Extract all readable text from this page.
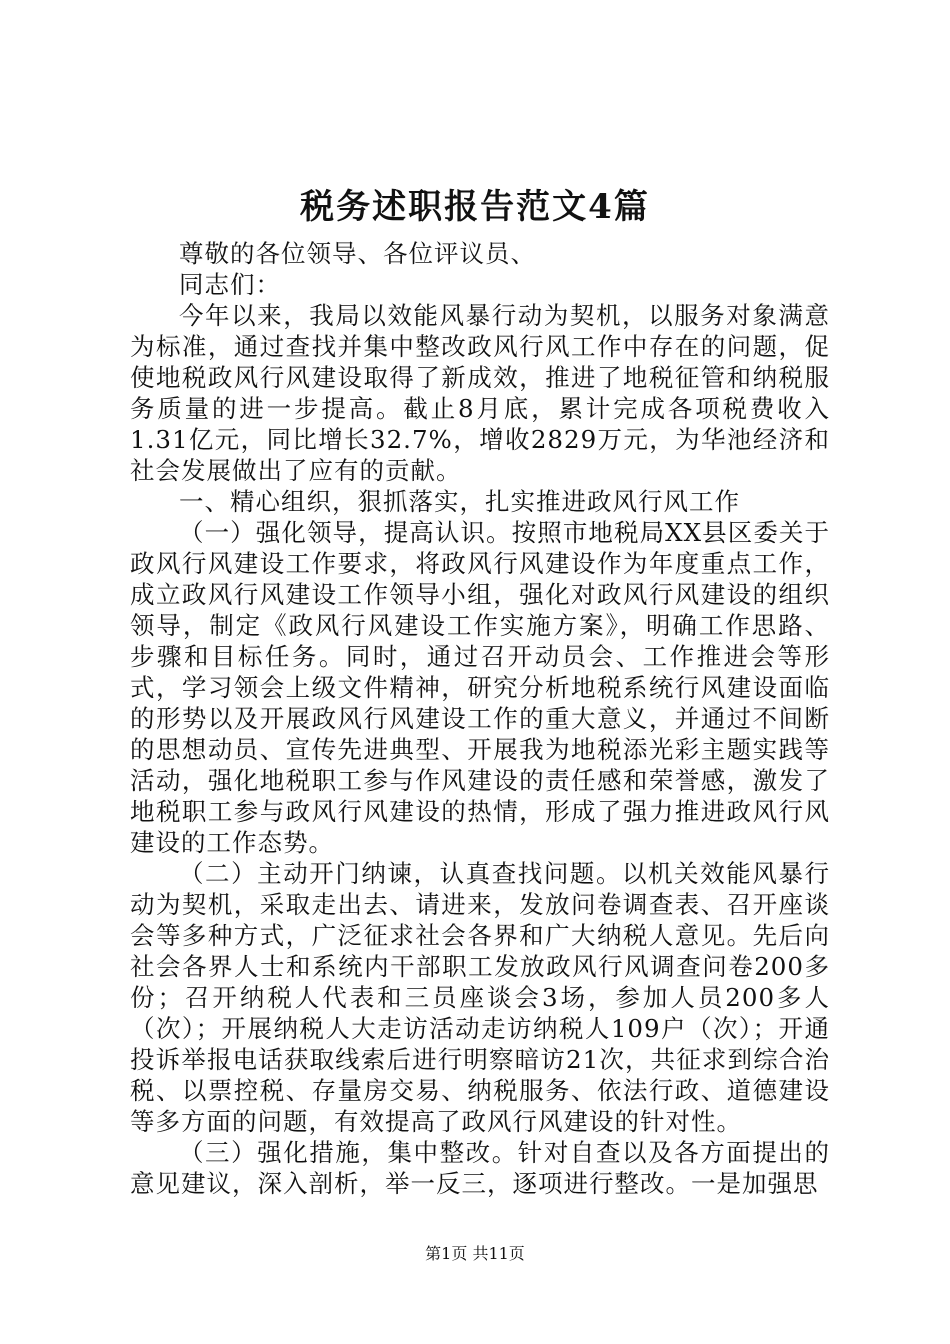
税务述职报告范文4篇

尊敬的各位领导、各位评议员、

同志们：

今年以来，我局以效能风暴行动为契机，以服务对象满意为标准，通过查找并集中整改政风行风工作中存在的问题，促使地税政风行风建设取得了新成效，推进了地税征管和纳税服务质量的进一步提高。截止8月底，累计完成各项税费收入1.31亿元，同比增长32.7%，增收2829万元，为华池经济和社会发展做出了应有的贡献。

一、精心组织，狠抓落实，扎实推进政风行风工作

（一）强化领导，提高认识。按照市地税局XX县区委关于政风行风建设工作要求，将政风行风建设作为年度重点工作，成立政风行风建设工作领导小组，强化对政风行风建设的组织领导，制定《政风行风建设工作实施方案》，明确工作思路、步骤和目标任务。同时，通过召开动员会、工作推进会等形式，学习领会上级文件精神，研究分析地税系统行风建设面临的形势以及开展政风行风建设工作的重大意义，并通过不间断的思想动员、宣传先进典型、开展我为地税添光彩主题实践等活动，强化地税职工参与作风建设的责任感和荣誉感，激发了地税职工参与政风行风建设的热情，形成了强力推进政风行风建设的工作态势。

（二）主动开门纳谏，认真查找问题。以机关效能风暴行动为契机，采取走出去、请进来，发放问卷调查表、召开座谈会等多种方式，广泛征求社会各界和广大纳税人意见。先后向社会各界人士和系统内干部职工发放政风行风调查问卷200多份；召开纳税人代表和三员座谈会3场，参加人员200多人（次）；开展纳税人大走访活动走访纳税人109户（次）；开通投诉举报电话获取线索后进行明察暗访21次，共征求到综合治税、以票控税、存量房交易、纳税服务、依法行政、道德建设等多方面的问题，有效提高了政风行风建设的针对性。

（三）强化措施，集中整改。针对自查以及各方面提出的意见建议，深入剖析，举一反三，逐项进行整改。一是加强思

第1页 共11页
